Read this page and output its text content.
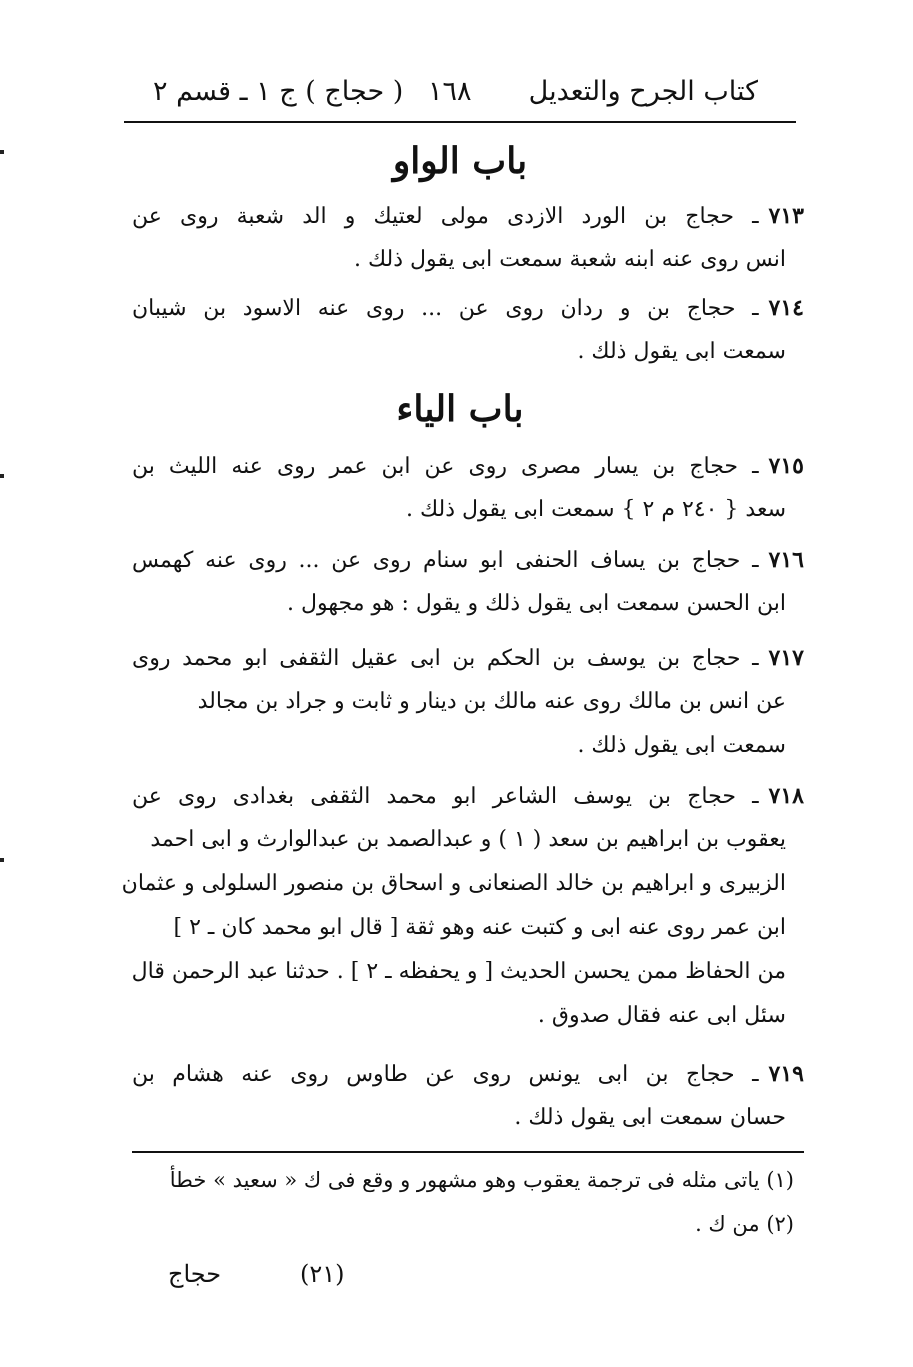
كتاب الجرح والتعديل
١٦٨
( حجاج ) ج ١ ـ قسم ٢
باب الواو
٧١٣ـ حجاج بن الورد الازدى مولى لعتيك و الد شعبة روى عن
انس روى عنه ابنه شعبة سمعت ابى يقول ذلك .
٧١٤ـ حجاج بن و ردان روى عن ... روى عنه الاسود بن شيبان
سمعت ابى يقول ذلك .
باب الياء
٧١٥ـ حجاج بن يسار مصرى روى عن ابن عمر روى عنه الليث بن
سعد { ٢٤٠ م ٢ } سمعت ابى يقول ذلك .
٧١٦ـ حجاج بن يساف الحنفى ابو سنام روى عن ... روى عنه كهمس
ابن الحسن سمعت ابى يقول ذلك و يقول : هو مجهول .
٧١٧ـ حجاج بن يوسف بن الحكم بن ابى عقيل الثقفى ابو محمد روى
عن انس بن مالك روى عنه مالك بن دينار و ثابت و جراد بن مجالد
سمعت ابى يقول ذلك .
٧١٨ـ حجاج بن يوسف الشاعر ابو محمد الثقفى بغدادى روى عن
يعقوب بن ابراهيم بن سعد ( ١ ) و عبدالصمد بن عبدالوارث و ابى احمد
الزبيرى و ابراهيم بن خالد الصنعانى و اسحاق بن منصور السلولى و عثمان
ابن عمر روى عنه ابى و كتبت عنه وهو ثقة [ قال ابو محمد كان ـ ٢ ]
من الحفاظ ممن يحسن الحديث [ و يحفظه ـ ٢ ] . حدثنا عبد الرحمن قال
سئل ابى عنه فقال صدوق .
٧١٩ـ حجاج بن ابى يونس روى عن طاوس روى عنه هشام بن
حسان سمعت ابى يقول ذلك .
(١) ياتى مثله فى ترجمة يعقوب وهو مشهور و وقع فى ك « سعيد » خطأ
(٢) من ك .
(٢١)
حجاج
